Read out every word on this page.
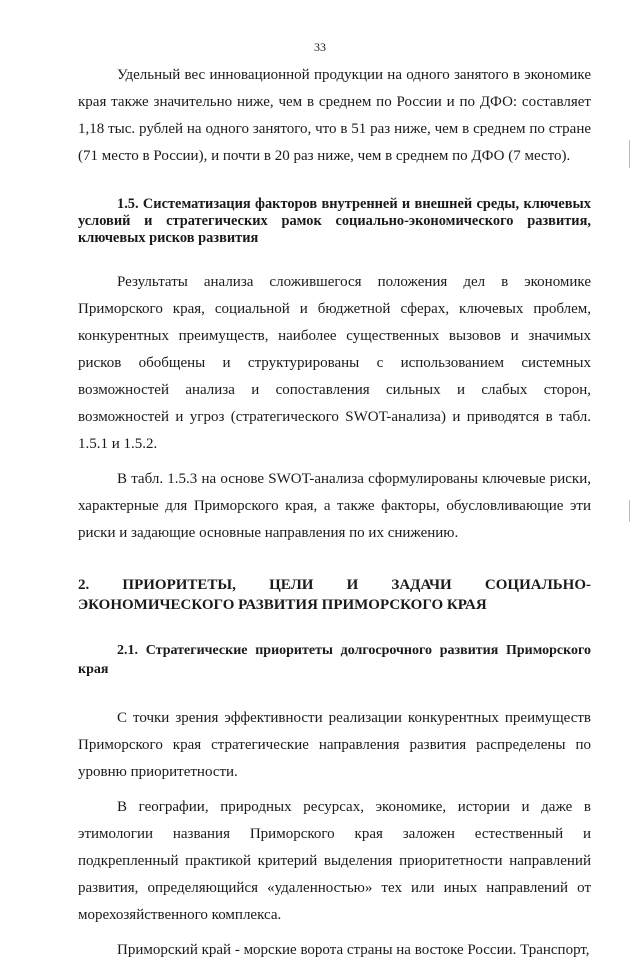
33

Удельный вес инновационной продукции на одного занятого в экономике края также значительно ниже, чем в среднем по России и по ДФО: составляет 1,18 тыс. рублей на одного занятого, что в 51 раз ниже, чем в среднем по стране (71 место в России), и почти в 20 раз ниже, чем в среднем по ДФО (7 место).

1.5. Систематизация факторов внутренней и внешней среды, ключевых условий и стратегических рамок социально-экономического развития, ключевых рисков развития

Результаты анализа сложившегося положения дел в экономике Приморского края, социальной и бюджетной сферах, ключевых проблем, конкурентных преимуществ, наиболее существенных вызовов и значимых рисков обобщены и структурированы с использованием системных возможностей анализа и сопоставления сильных и слабых сторон, возможностей и угроз (стратегического SWOT-анализа) и приводятся в табл. 1.5.1 и 1.5.2.

В табл. 1.5.3 на основе SWOT-анализа сформулированы ключевые риски, характерные для Приморского края, а также факторы, обусловливающие эти риски и задающие основные направления по их снижению.

2. ПРИОРИТЕТЫ, ЦЕЛИ И ЗАДАЧИ СОЦИАЛЬНО-ЭКОНОМИЧЕСКОГО РАЗВИТИЯ ПРИМОРСКОГО КРАЯ
2.1. Стратегические приоритеты долгосрочного развития Приморского края

С точки зрения эффективности реализации конкурентных преимуществ Приморского края стратегические направления развития распределены по уровню приоритетности.

В географии, природных ресурсах, экономике, истории и даже в этимологии названия Приморского края заложен естественный и подкрепленный практикой критерий выделения приоритетности направлений развития, определяющийся «удаленностью» тех или иных направлений от морехозяйственного комплекса.

Приморский край - морские ворота страны на востоке России. Транспорт,
